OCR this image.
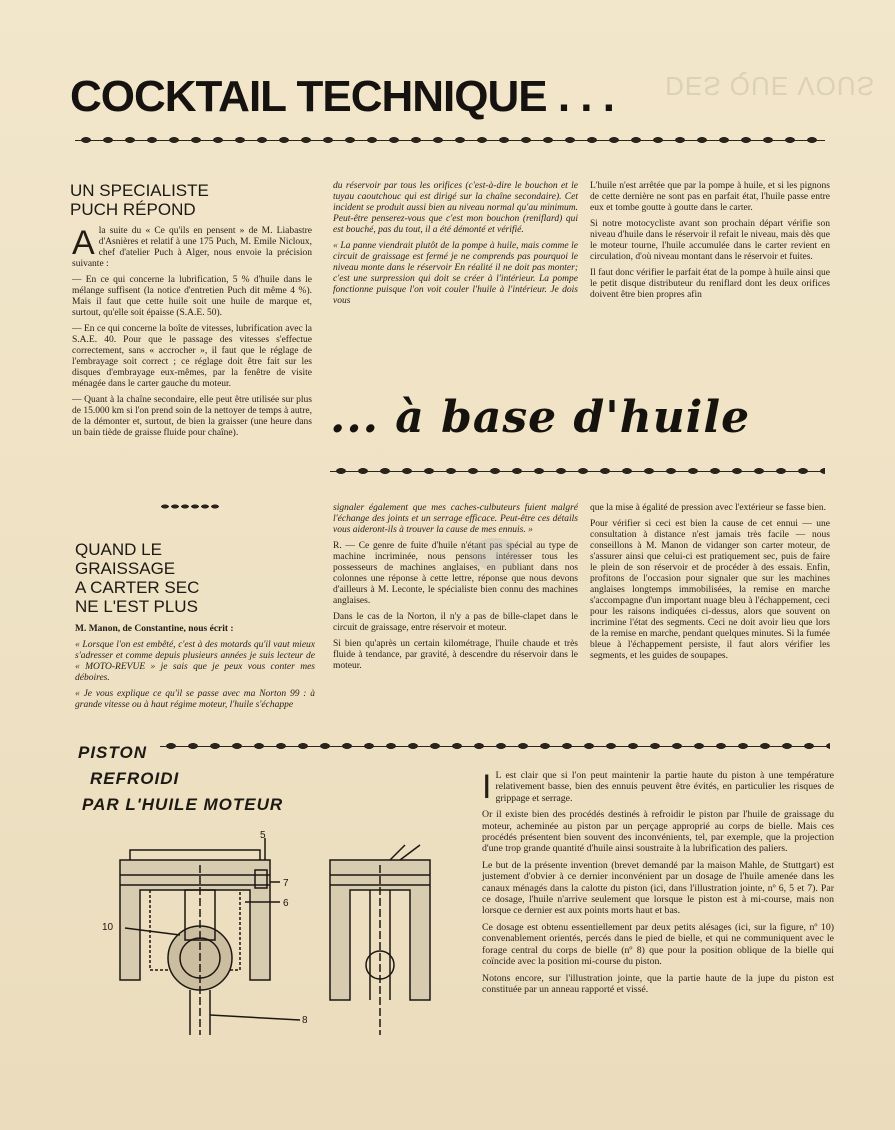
DES QUE VOUS
COCKTAIL TECHNIQUE . . .
UN SPECIALISTE
PUCH RÉPOND

Ala suite du « Ce qu'ils en pensent » de M. Liabastre d'Asnières et relatif à une 175 Puch, M. Emile Nicloux, chef d'atelier Puch à Alger, nous envoie la précision suivante :

— En ce qui concerne la lubrification, 5 % d'huile dans le mélange suffisent (la notice d'entretien Puch dit même 4 %). Mais il faut que cette huile soit une huile de marque et, surtout, qu'elle soit épaisse (S.A.E. 50).

— En ce qui concerne la boîte de vitesses, lubrification avec la S.A.E. 40. Pour que le passage des vitesses s'effectue correctement, sans « accrocher », il faut que le réglage de l'embrayage soit correct ; ce réglage doit être fait sur les disques d'embrayage eux-mêmes, par la fenêtre de visite ménagée dans le carter gauche du moteur.

— Quant à la chaîne secondaire, elle peut être utilisée sur plus de 15.000 km si l'on prend soin de la nettoyer de temps à autre, de la démonter et, surtout, de bien la graisser (une heure dans un bain tiède de graisse fluide pour chaîne).

du réservoir par tous les orifices (c'est-à-dire le bouchon et le tuyau caoutchouc qui est dirigé sur la chaîne secondaire). Cet incident se produit aussi bien au niveau normal qu'au minimum. Peut-être penserez-vous que c'est mon bouchon (reniflard) qui est bouché, pas du tout, il a été démonté et vérifié.

« La panne viendrait plutôt de la pompe à huile, mais comme le circuit de graissage est fermé je ne comprends pas pourquoi le niveau monte dans le réservoir En réalité il ne doit pas monter; c'est une surpression qui doit se créer à l'intérieur. La pompe fonctionne puisque l'on voit couler l'huile à l'intérieur. Je dois vous

L'huile n'est arrêtée que par la pompe à huile, et si les pignons de cette dernière ne sont pas en parfait état, l'huile passe entre eux et tombe goutte à goutte dans le carter.

Si notre motocycliste avant son prochain départ vérifie son niveau d'huile dans le réservoir il refait le niveau, mais dès que le moteur tourne, l'huile accumulée dans le carter revient en circulation, d'où niveau montant dans le réservoir et fuites.

Il faut donc vérifier le parfait état de la pompe à huile ainsi que le petit disque distributeur du reniflard dont les deux orifices doivent être bien propres afin

... à base d'huile
QUAND LE
GRAISSAGE
A CARTER SEC
NE L'EST PLUS

M. Manon, de Constantine, nous écrit :

« Lorsque l'on est embêté, c'est à des motards qu'il vaut mieux s'adresser et comme depuis plusieurs années je suis lecteur de « MOTO-REVUE » je sais que je peux vous conter mes déboires.

« Je vous explique ce qu'il se passe avec ma Norton 99 : à grande vitesse ou à haut régime moteur, l'huile s'échappe

signaler également que mes caches-culbuteurs fuient malgré l'échange des joints et un serrage efficace. Peut-être ces détails vous aideront-ils à trouver la cause de mes ennuis. »

R. — Ce genre de fuite d'huile n'étant pas spécial au type de machine incriminée, nous pensons intéresser tous les possesseurs de machines anglaises, en publiant dans nos colonnes une réponse à cette lettre, réponse que nous devons d'ailleurs à M. Leconte, le spécialiste bien connu des machines anglaises.

Dans le cas de la Norton, il n'y a pas de bille-clapet dans le circuit de graissage, entre réservoir et moteur.

Si bien qu'après un certain kilométrage, l'huile chaude et très fluide à tendance, par gravité, à descendre du réservoir dans le moteur.

que la mise à égalité de pression avec l'extérieur se fasse bien.

Pour vérifier si ceci est bien la cause de cet ennui — une consultation à distance n'est jamais très facile — nous conseillons à M. Manon de vidanger son carter moteur, de s'assurer ainsi que celui-ci est pratiquement sec, puis de faire le plein de son réservoir et de procéder à des essais. Enfin, profitons de l'occasion pour signaler que sur les machines anglaises longtemps immobilisées, la remise en marche s'accompagne d'un important nuage bleu à l'échappement, ceci pour les raisons indiquées ci-dessus, alors que souvent on incrimine l'état des segments. Ceci ne doit avoir lieu que lors de la remise en marche, pendant quelques minutes. Si la fumée bleue à l'échappement persiste, il faut alors vérifier les segments, et les guides de soupapes.

PISTON
REFROIDI
PAR L'HUILE MOTEUR	I L est clair que si l'on peut maintenir la partie haute du piston à une température relativement basse, bien des ennuis peuvent être évités, en particulier les risques de grippage et serrage.

Or il existe bien des procédés destinés à refroidir le piston par l'huile de graissage du moteur, acheminée au piston par un perçage approprié au corps de bielle. Mais ces procédés présentent bien souvent des inconvénients, tel, par exemple, que la projection d'une trop grande quantité d'huile ainsi soustraite à la lubrification des paliers.

Le but de la présente invention (brevet demandé par la maison Mahle, de Stuttgart) est justement d'obvier à ce dernier inconvénient par un dosage de l'huile amenée dans les canaux ménagés dans la calotte du piston (ici, dans l'illustration jointe, nº 6, 5 et 7). Par ce dosage, l'huile n'arrive seulement que lorsque le piston est à mi-course, mais non lorsque ce dernier est aux points morts haut et bas.

Ce dosage est obtenu essentiellement par deux petits alésages (ici, sur la figure, nº 10) convenablement orientés, percés dans le pied de bielle, et qui ne communiquent avec le forage central du corps de bielle (nº 8) que pour la position oblique de la bielle qui coïncide avec la position mi-course du piston.

Notons encore, sur l'illustration jointe, que la partie haute de la jupe du piston est constituée par un anneau rapporté et vissé.

5
7
6
10
8
